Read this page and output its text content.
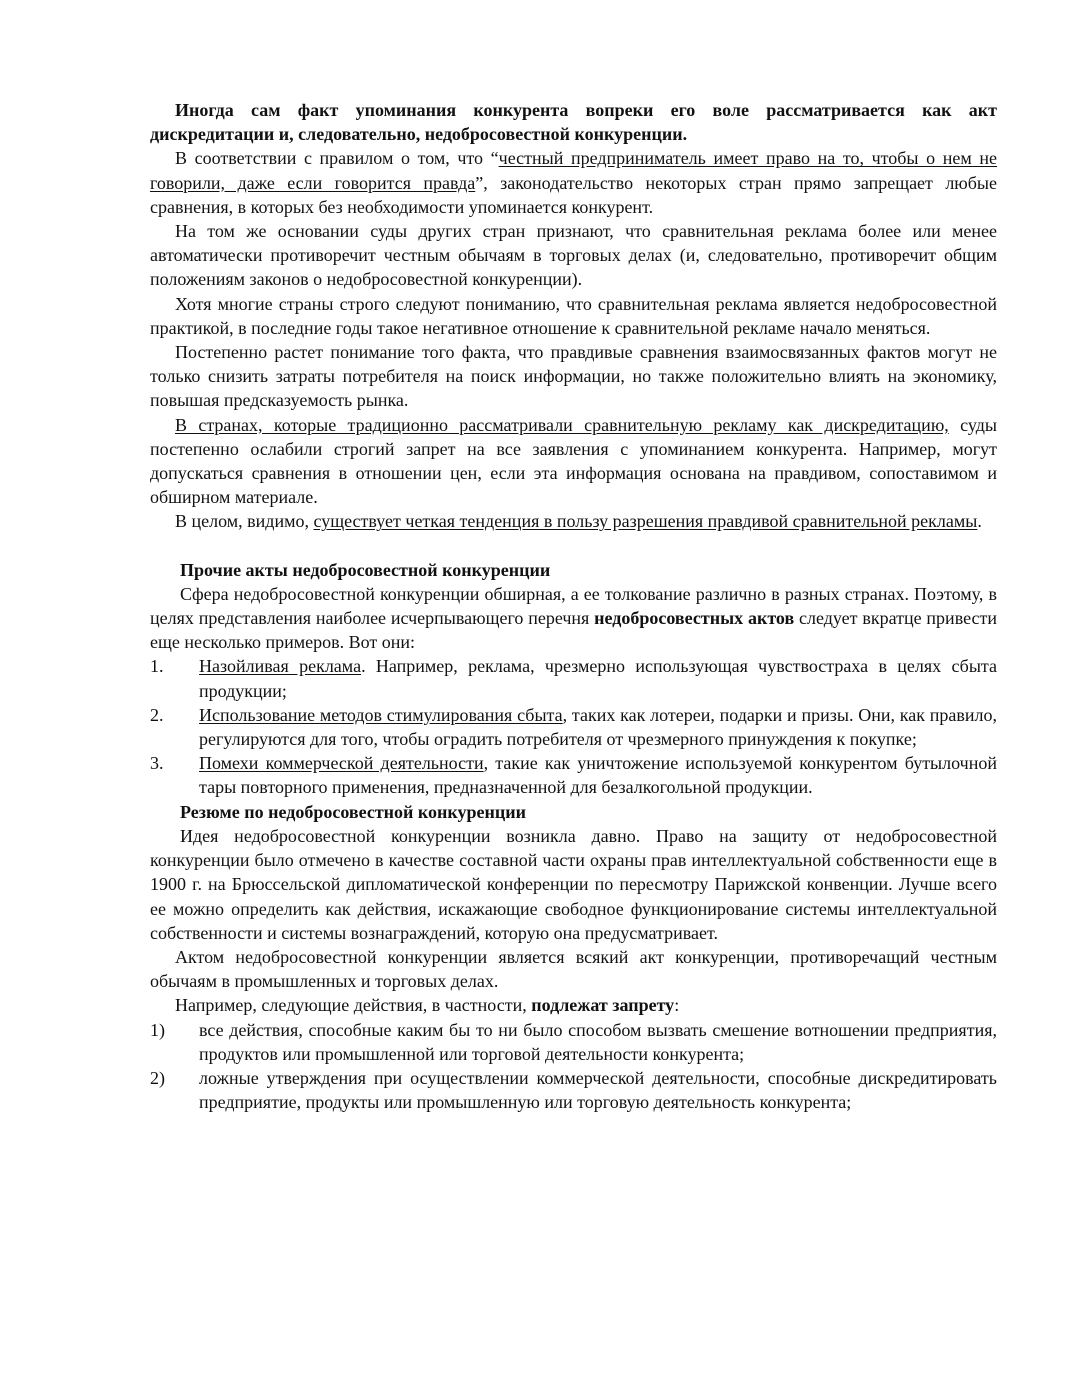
Иногда сам факт упоминания конкурента вопреки его воле рассматривается как акт дискредитации и, следовательно, недобросовестной конкуренции.

В соответствии с правилом о том, что “честный предприниматель имеет право на то, чтобы о нем не говорили, даже если говорится правда”, законодательство некоторых стран прямо запрещает любые сравнения, в которых без необходимости упоминается конкурент.

На том же основании суды других стран признают, что сравнительная реклама более или менее автоматически противоречит честным обычаям в торговых делах (и, следовательно, противоречит общим положениям законов о недобросовестной конкуренции).

Хотя многие страны строго следуют пониманию, что сравнительная реклама является недобросовестной практикой, в последние годы такое негативное отношение к сравнительной рекламе начало меняться.

Постепенно растет понимание того факта, что правдивые сравнения взаимосвязанных фактов могут не только снизить затраты потребителя на поиск информации, но также положительно влиять на экономику, повышая предсказуемость рынка.

В странах, которые традиционно рассматривали сравнительную рекламу как дискредитацию, суды постепенно ослабили строгий запрет на все заявления с упоминанием конкурента. Например, могут допускаться сравнения в отношении цен, если эта информация основана на правдивом, сопоставимом и обширном материале.

В целом, видимо, существует четкая тенденция в пользу разрешения правдивой сравнительной рекламы.

Прочие акты недобросовестной конкуренции

Сфера недобросовестной конкуренции обширная, а ее толкование различно в разных странах. Поэтому, в целях представления наиболее исчерпывающего перечня недобросовестных актов следует вкратце привести еще несколько примеров. Вот они:

1.	Назойливая реклама. Например, реклама, чрезмерно использующая чувствостраха в целях сбыта продукции;
2.	Использование методов стимулирования сбыта, таких как лотереи, подарки и призы. Они, как правило, регулируются для того, чтобы оградить потребителя от чрезмерного принуждения к покупке;
3.	Помехи коммерческой деятельности, такие как уничтожение используемой конкурентом бутылочной тары повторного применения, предназначенной для безалкогольной продукции.

Резюме по недобросовестной конкуренции

Идея недобросовестной конкуренции возникла давно. Право на защиту от недобросовестной конкуренции было отмечено в качестве составной части охраны прав интеллектуальной собственности еще в 1900 г. на Брюссельской дипломатической конференции по пересмотру Парижской конвенции. Лучше всего ее можно определить как действия, искажающие свободное функционирование системы интеллектуальной собственности и системы вознаграждений, которую она предусматривает.

Актом недобросовестной конкуренции является всякий акт конкуренции, противоречащий честным обычаям в промышленных и торговых делах.

Например, следующие действия, в частности, подлежат запрету:

1)	все действия, способные каким бы то ни было способом вызвать смешение вотношении предприятия, продуктов или промышленной или торговой деятельности конкурента;
2)	ложные утверждения при осуществлении коммерческой деятельности, способные дискредитировать предприятие, продукты или промышленную или торговую деятельность конкурента;
